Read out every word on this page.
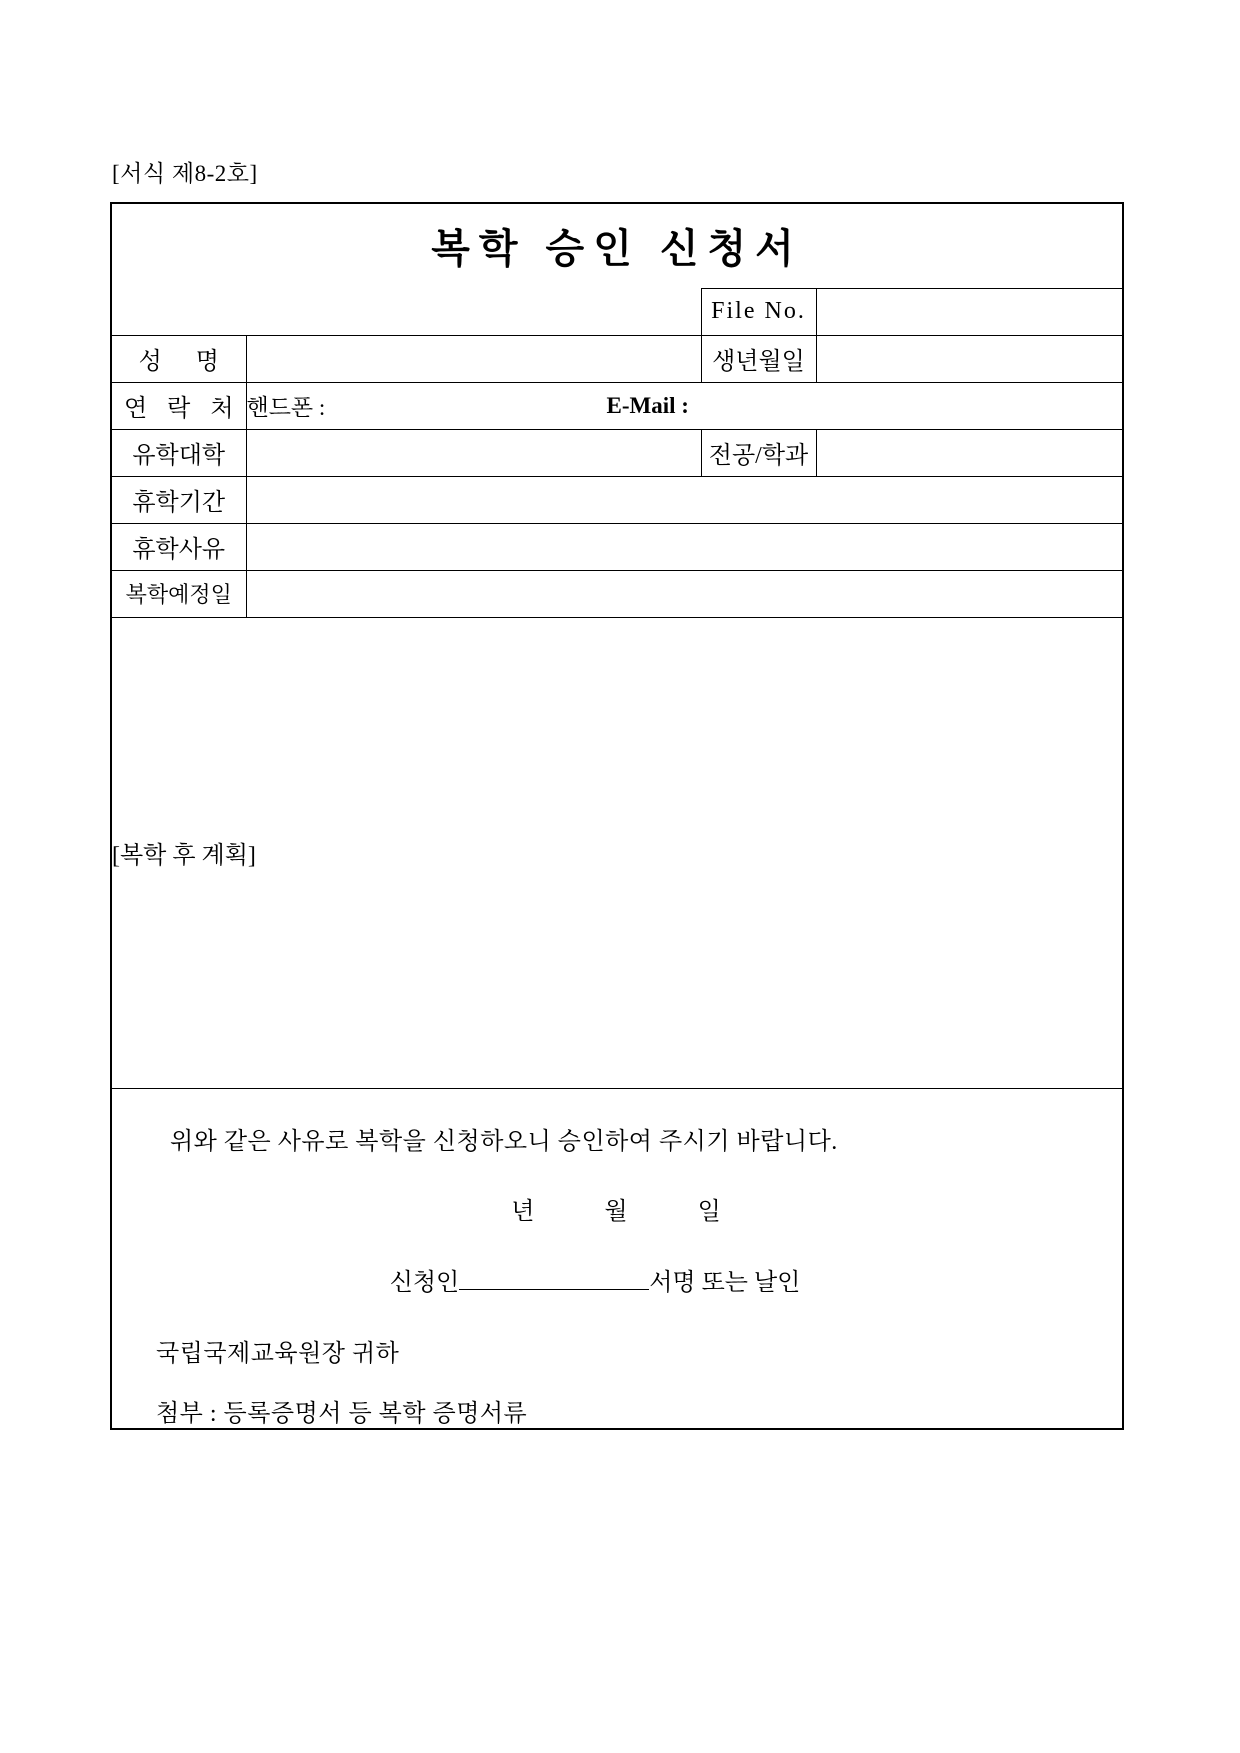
[서식 제8-2호]
복학 승인 신청서			
		File No.	
성 명		생년월일	
연 락 처	핸드폰 : E-Mail :		

유학대학		전공/학과	
휴학기간			
휴학사유			
복학예정일			

[복학 후 계획]			

위와 같은 사유로 복학을 신청하오니 승인하여 주시기 바랍니다.
년 월 일
신청인 서명 또는 날인
국립국제교육원장 귀하
첨부 : 등록증명서 등 복학 증명서류			
